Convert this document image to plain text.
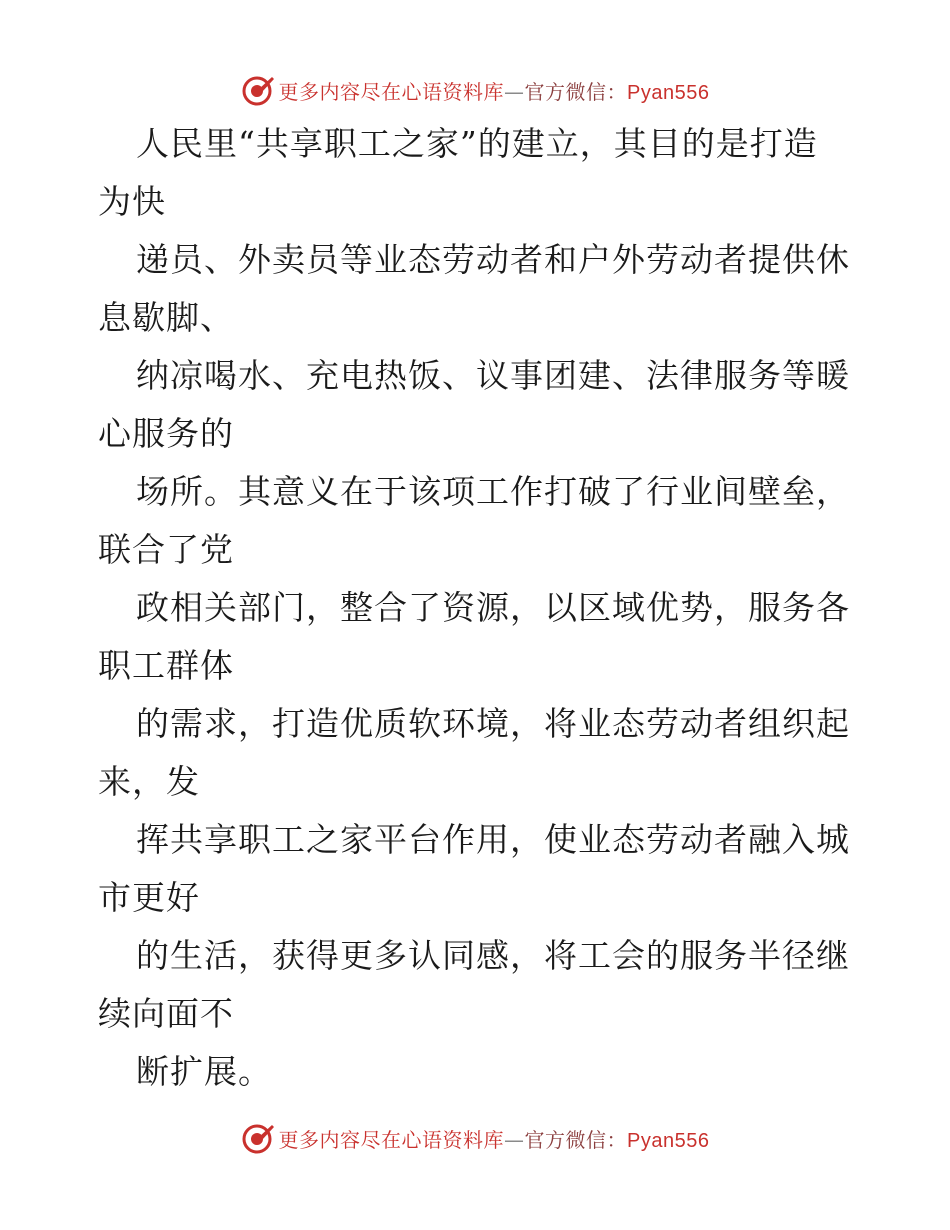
更多内容尽在心语资料库—官方微信：Pyan556
人民里“共享职工之家”的建立，其目的是打造
为快
递员、外卖员等业态劳动者和户外劳动者提供休
息歇脚、
纳凉喝水、充电热饭、议事团建、法律服务等暖
心服务的
场所。其意义在于该项工作打破了行业间壁垒，
联合了党
政相关部门，整合了资源，以区域优势，服务各
职工群体
的需求，打造优质软环境，将业态劳动者组织起
来，发
挥共享职工之家平台作用，使业态劳动者融入城
市更好
的生活，获得更多认同感，将工会的服务半径继
续向面不
断扩展。
更多内容尽在心语资料库—官方微信：Pyan556
